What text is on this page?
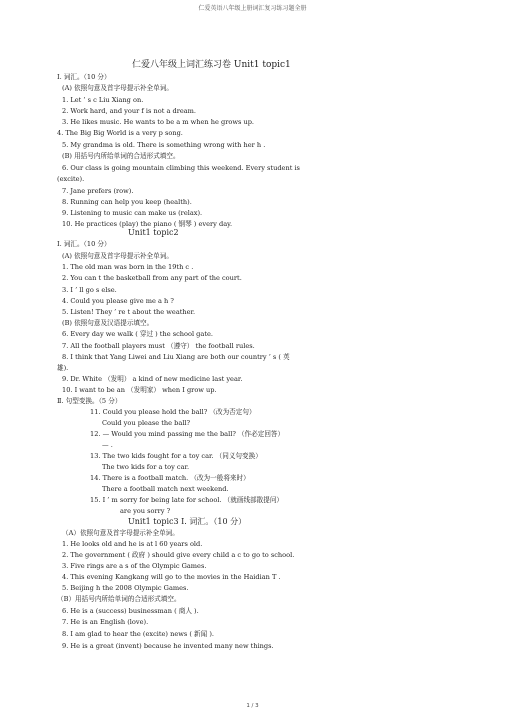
仁爱英语八年级上册词汇复习练习题全册
仁爱八年级上词汇练习卷 Unit1 topic1
Ⅰ. 词汇。（10 分）
(A) 依照句意及首字母提示补全单词。
1. Let ’ s c Liu Xiang on.
2. Work hard, and your f is not a dream.
3. He likes music. He wants to be a m when he grows up.
4. The Big Big World is a very p song.
5. My grandma is old. There is something wrong with her h .
(B) 用括号内所给单词的合适形式填空。
6. Our class is going mountain climbing this weekend. Every student is
(excite).
7. Jane prefers (row).
8. Running can help you keep (health).
9. Listening to music can make us (relax).
10. He practices (play) the piano ( 钢琴 ) every day.
Unit1 topic2
Ⅰ. 词汇。（10 分）
(A) 依照句意及首字母提示补全单词。
1. The old man was born in the 19th c .
2. You can t the basketball from any part of the court.
3. I ’ ll go s else.
4. Could you please give me a h ?
5. Listen! They ’ re t about the weather.
(B) 依照句意及汉语提示填空。
6. Every day we walk ( 穿过 ) the school gate.
7. All the football players must （遵守） the football rules.
8. I think that Yang Liwei and Liu Xiang are both our country ’ s ( 英
雄).
9. Dr. White （发明） a kind of new medicine last year.
10. I want to be an （发明家） when I grow up.
Ⅱ. 句型变换。（5 分）
11. Could you please hold the ball? （改为否定句）
Could you please the ball?
12. — Would you mind passing me the ball? （作必定回答）
— .
13. The two kids fought for a toy car. （同义句变换）
The two kids for a toy car.
14. There is a football match. （改为一般将来时）
There a football match next weekend.
15. I ’ m sorry for being late for school. （就画线部散提问）
are you sorry ?
Unit1 topic3 Ⅰ. 词汇。（10 分）
（A）依照句意及首字母提示补全单词。
1. He looks old and he is at l 60 years old.
2. The government ( 政府 ) should give every child a c to go to school.
3. Five rings are a s of the Olympic Games.
4. This evening Kangkang will go to the movies in the Haidian T .
5. Beijing h the 2008 Olympic Games.
（B）用括号内所给单词的合适形式填空。
6. He is a (success) businessman ( 商人 ).
7. He is an English (love).
8. I am glad to hear the (excite) news ( 新闻 ).
9. He is a great (invent) because he invented many new things.
1 / 3
